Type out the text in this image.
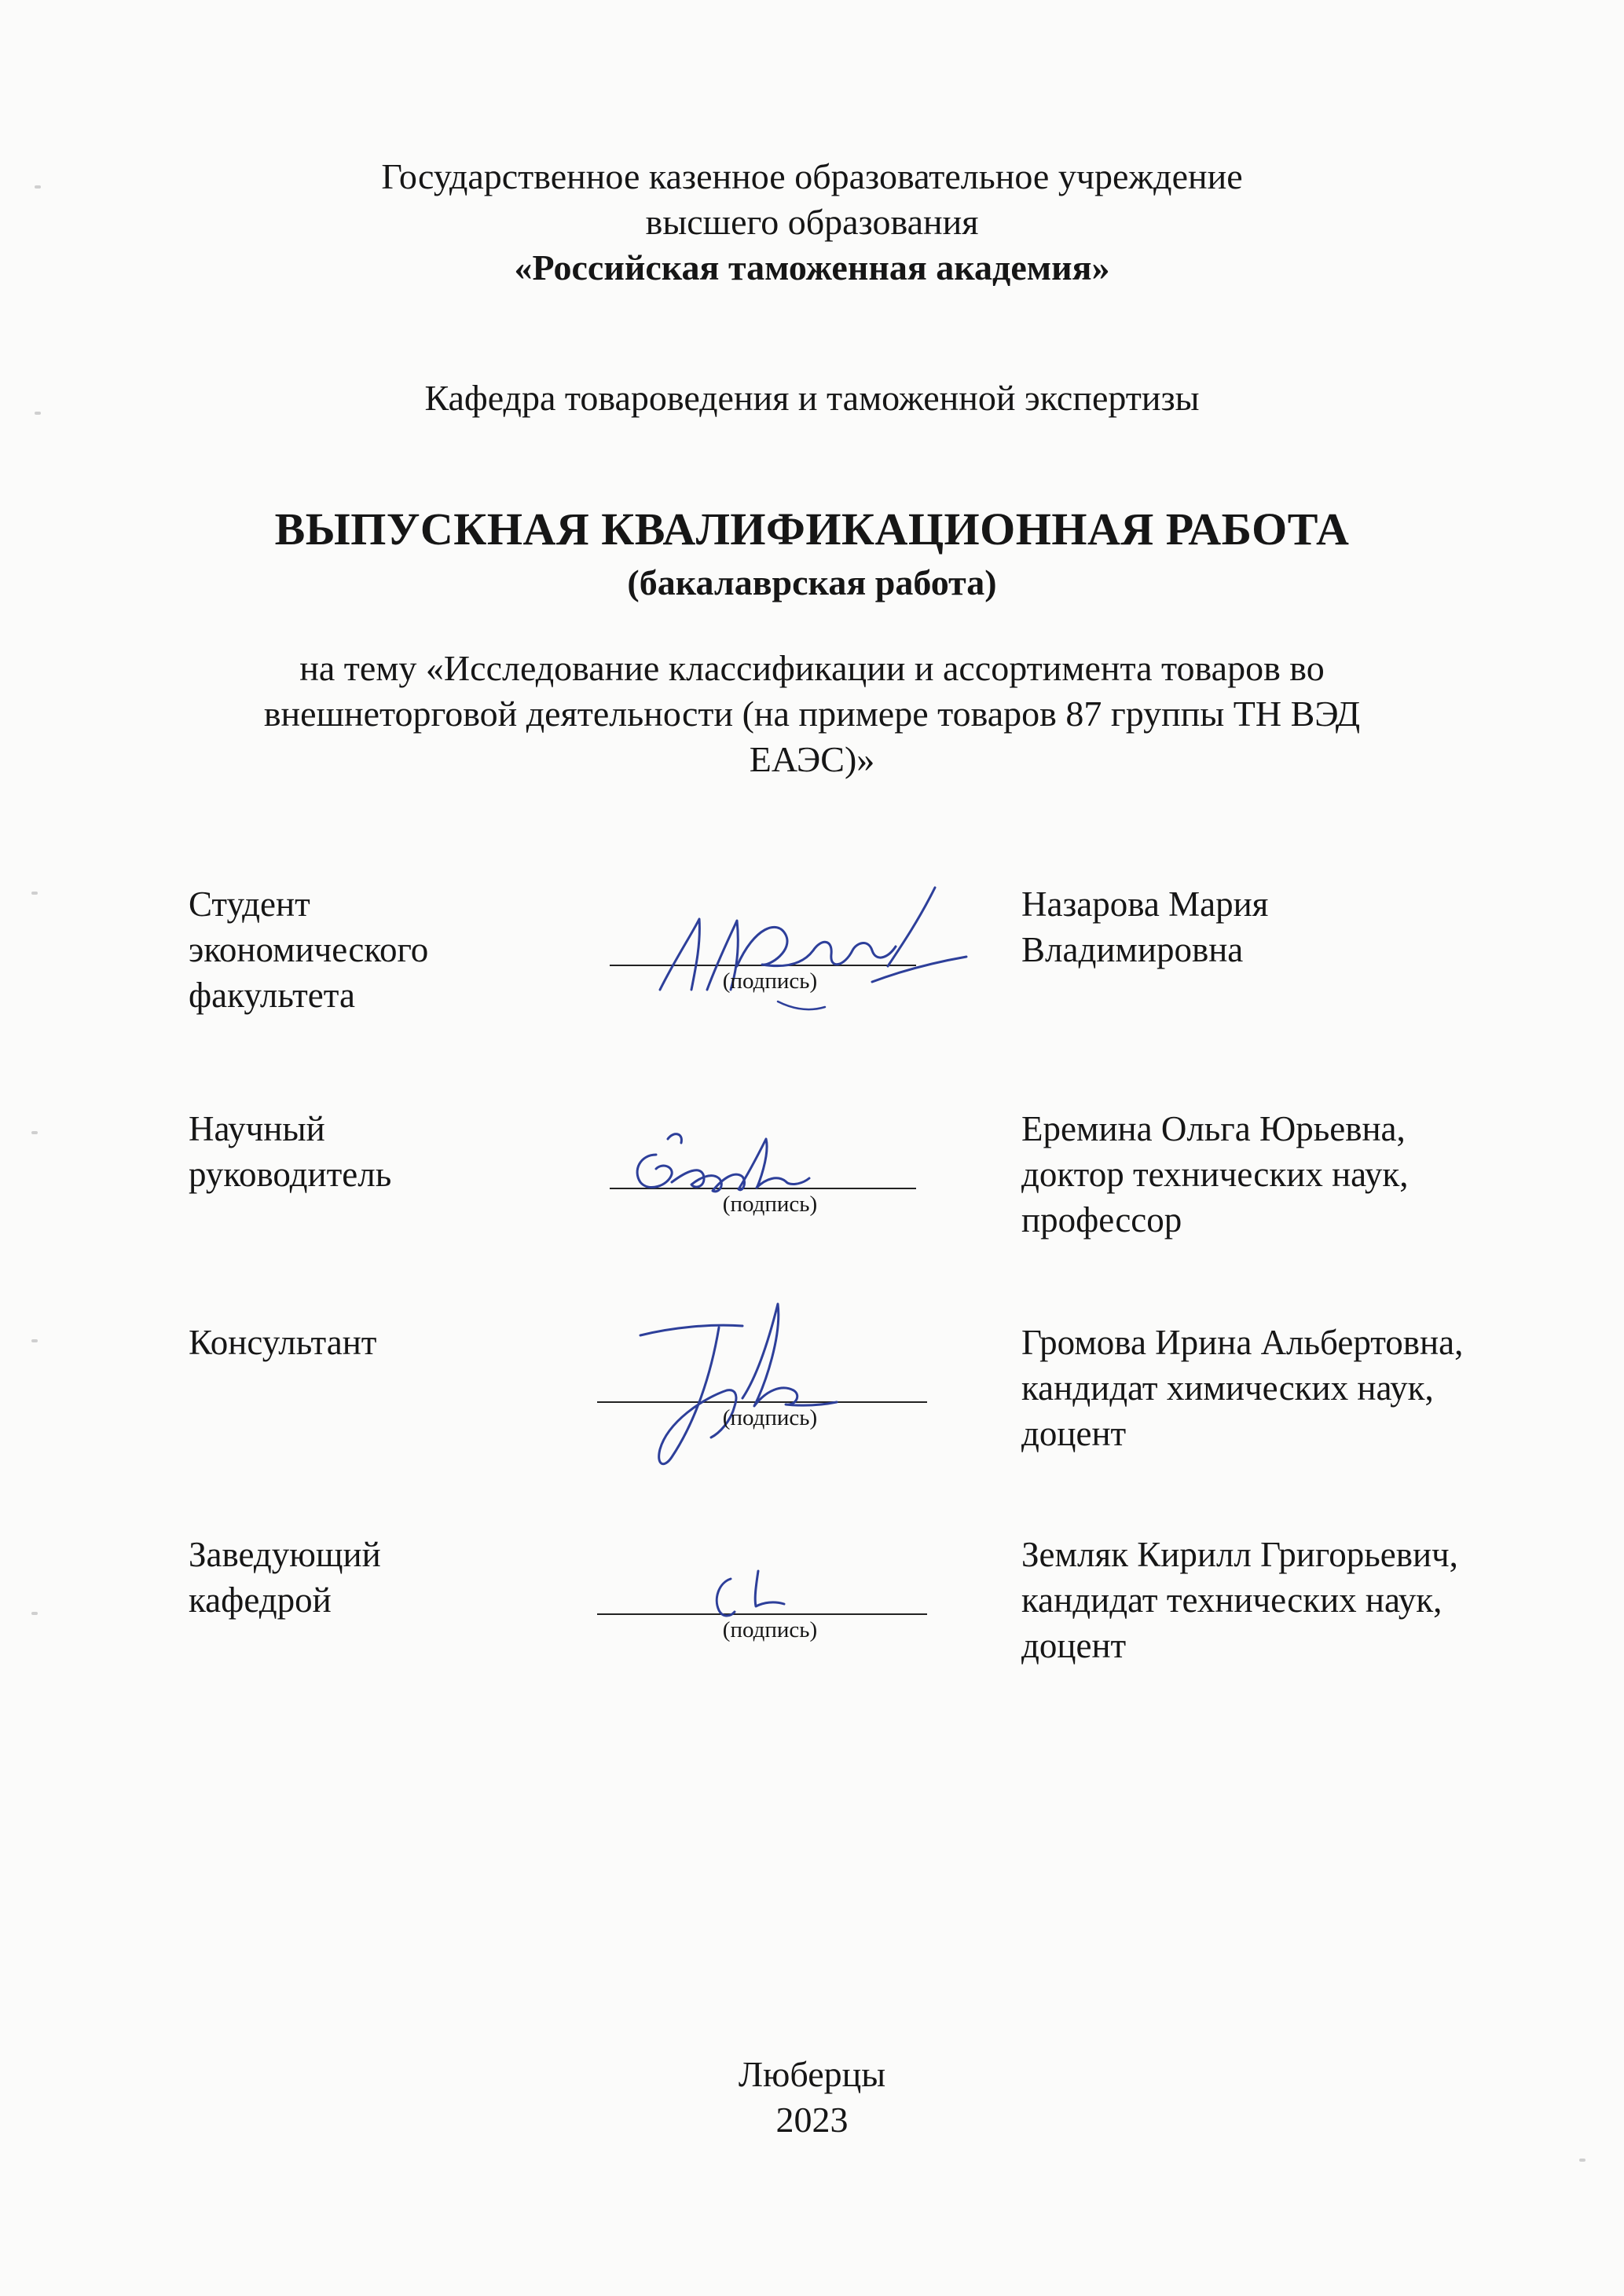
Государственное казенное образовательное учреждение
высшего образования
«Российская таможенная академия»
Кафедра товароведения и таможенной экспертизы
ВЫПУСКНАЯ КВАЛИФИКАЦИОННАЯ РАБОТА
(бакалаврская работа)
на тему «Исследование классификации и ассортимента товаров во
внешнеторговой деятельности (на примере товаров 87 группы ТН ВЭД
ЕАЭС)»
Студент
экономического
факультета	(подпись)
Назарова Мария
Владимировна
Научный
руководитель
(подпись)
Еремина Ольга Юрьевна,
доктор технических наук,
профессор
Консультант
(подпись)
Громова Ирина Альбертовна,
кандидат химических наук,
доцент
Заведующий
кафедрой
(подпись)
Земляк Кирилл Григорьевич,
кандидат технических наук,
доцент
Люберцы
2023
